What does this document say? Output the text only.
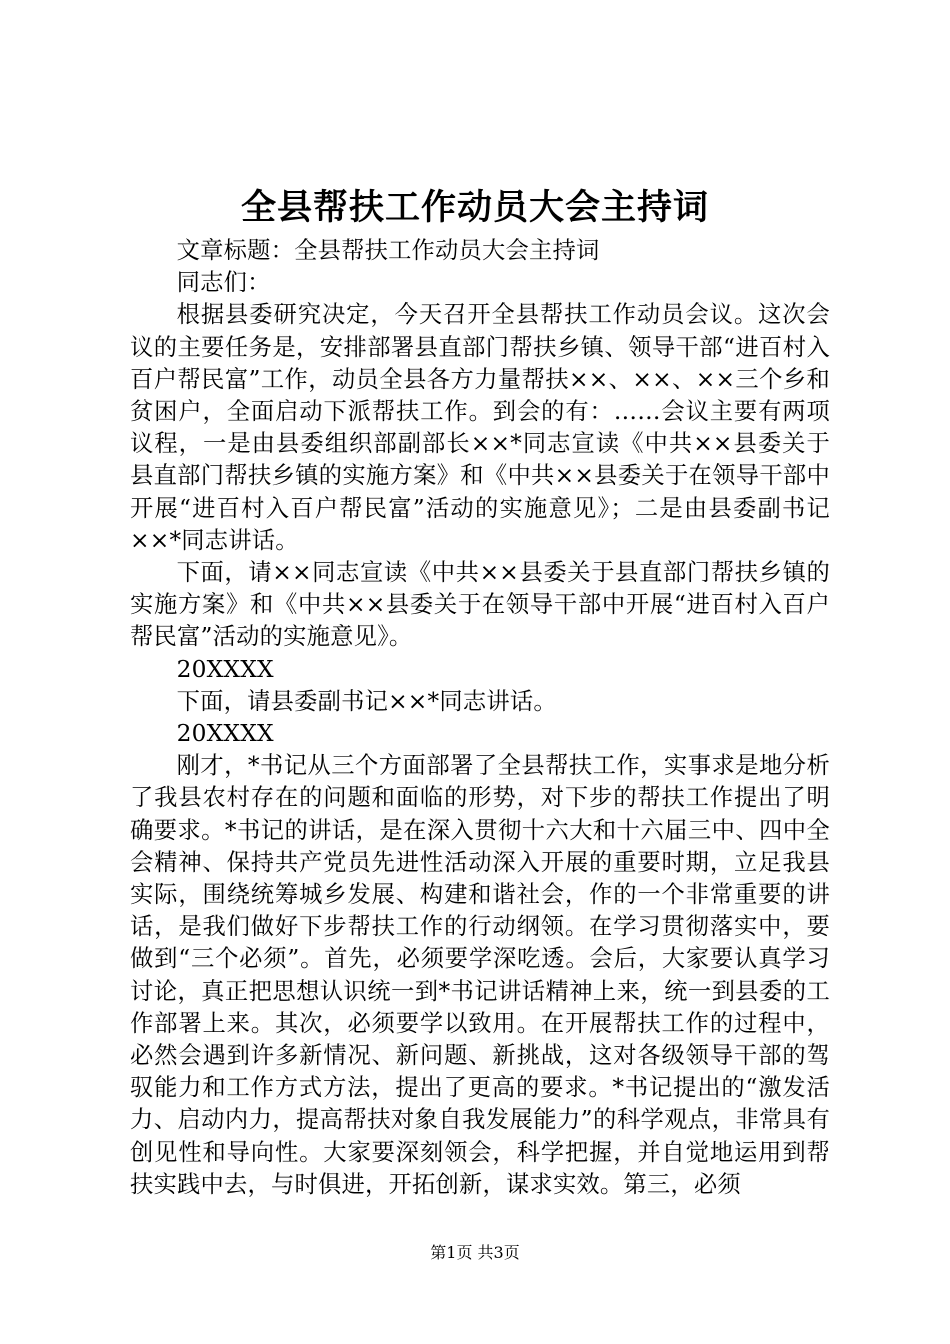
全县帮扶工作动员大会主持词

文章标题：全县帮扶工作动员大会主持词

同志们：

根据县委研究决定，今天召开全县帮扶工作动员会议。这次会议的主要任务是，安排部署县直部门帮扶乡镇、领导干部“进百村入百户帮民富”工作，动员全县各方力量帮扶××、××、××三个乡和贫困户，全面启动下派帮扶工作。到会的有：……会议主要有两项议程，一是由县委组织部副部长××*同志宣读《中共××县委关于县直部门帮扶乡镇的实施方案》和《中共××县委关于在领导干部中开展“进百村入百户帮民富”活动的实施意见》；二是由县委副书记××*同志讲话。

下面，请××同志宣读《中共××县委关于县直部门帮扶乡镇的实施方案》和《中共××县委关于在领导干部中开展“进百村入百户帮民富”活动的实施意见》。

20XXXX

下面，请县委副书记××*同志讲话。

20XXXX

刚才，*书记从三个方面部署了全县帮扶工作，实事求是地分析了我县农村存在的问题和面临的形势，对下步的帮扶工作提出了明确要求。*书记的讲话，是在深入贯彻十六大和十六届三中、四中全会精神、保持共产党员先进性活动深入开展的重要时期，立足我县实际，围绕统筹城乡发展、构建和谐社会，作的一个非常重要的讲话，是我们做好下步帮扶工作的行动纲领。在学习贯彻落实中，要做到“三个必须”。首先，必须要学深吃透。会后，大家要认真学习讨论，真正把思想认识统一到*书记讲话精神上来，统一到县委的工作部署上来。其次，必须要学以致用。在开展帮扶工作的过程中，必然会遇到许多新情况、新问题、新挑战，这对各级领导干部的驾驭能力和工作方式方法，提出了更高的要求。*书记提出的“激发活力、启动内力，提高帮扶对象自我发展能力”的科学观点，非常具有创见性和导向性。大家要深刻领会，科学把握，并自觉地运用到帮扶实践中去，与时俱进，开拓创新，谋求实效。第三，必须

第1页 共3页
